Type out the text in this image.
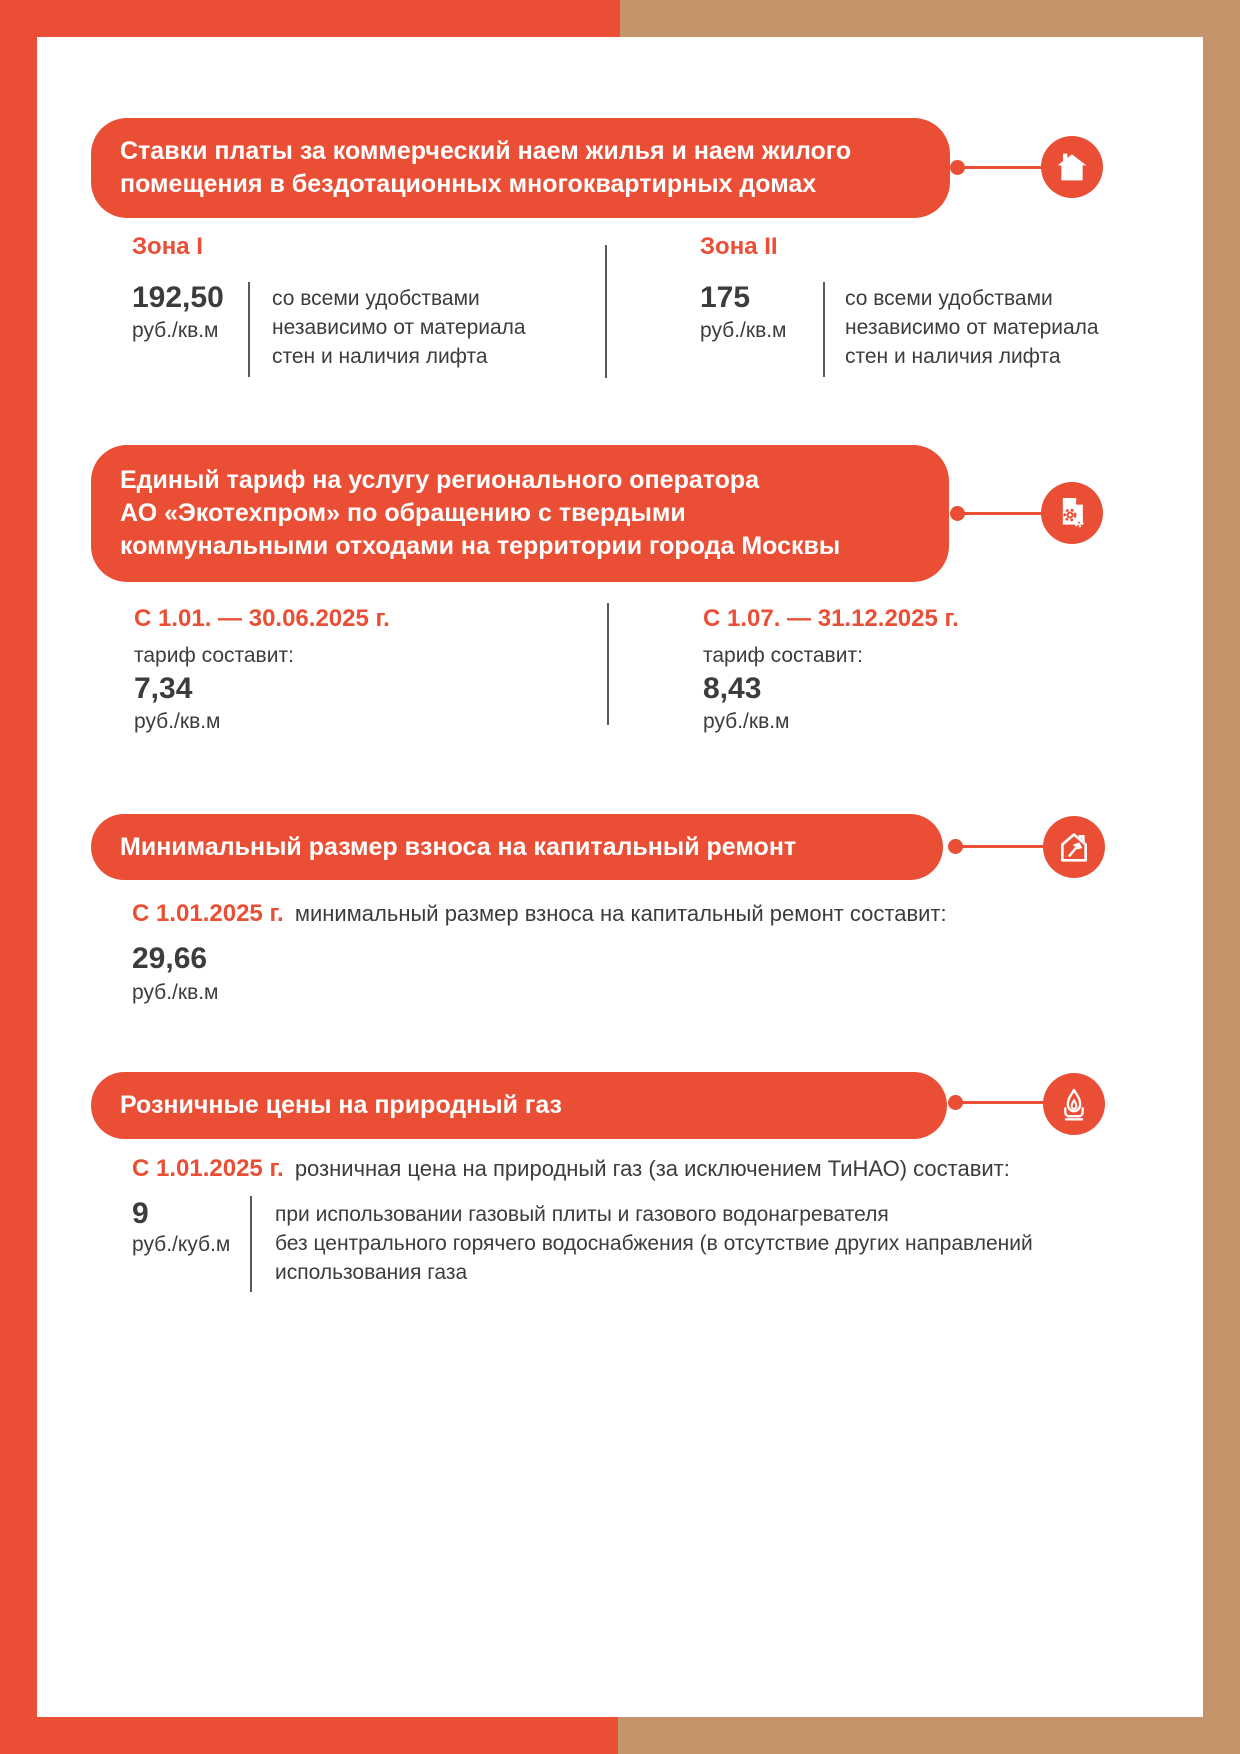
Ставки платы за коммерческий наем жилья и наем жилого
помещения в бездотационных многоквартирных домах
Зона I	Зона II
192,50
руб./кв.м
со всеми удобствами
независимо от материала
стен и наличия лифта
175
руб./кв.м
со всеми удобствами
независимо от материала
стен и наличия лифта
Единый тариф на услугу регионального оператора
АО «Экотехпром» по обращению с твердыми
коммунальными отходами на территории города Москвы
С 1.01. — 30.06.2025 г.
тариф составит:
7,34
руб./кв.м
С 1.07. — 31.12.2025 г.
тариф составит:
8,43
руб./кв.м
Минимальный размер взноса на капитальный ремонт
С 1.01.2025 г. минимальный размер взноса на капитальный ремонт составит:
29,66
руб./кв.м
Розничные цены на природный газ
С 1.01.2025 г. розничная цена на природный газ (за исключением ТиНАО) составит:
9
руб./куб.м
при использовании газовый плиты и газового водонагревателя
без центрального горячего водоснабжения (в отсутствие других направлений
использования газа
